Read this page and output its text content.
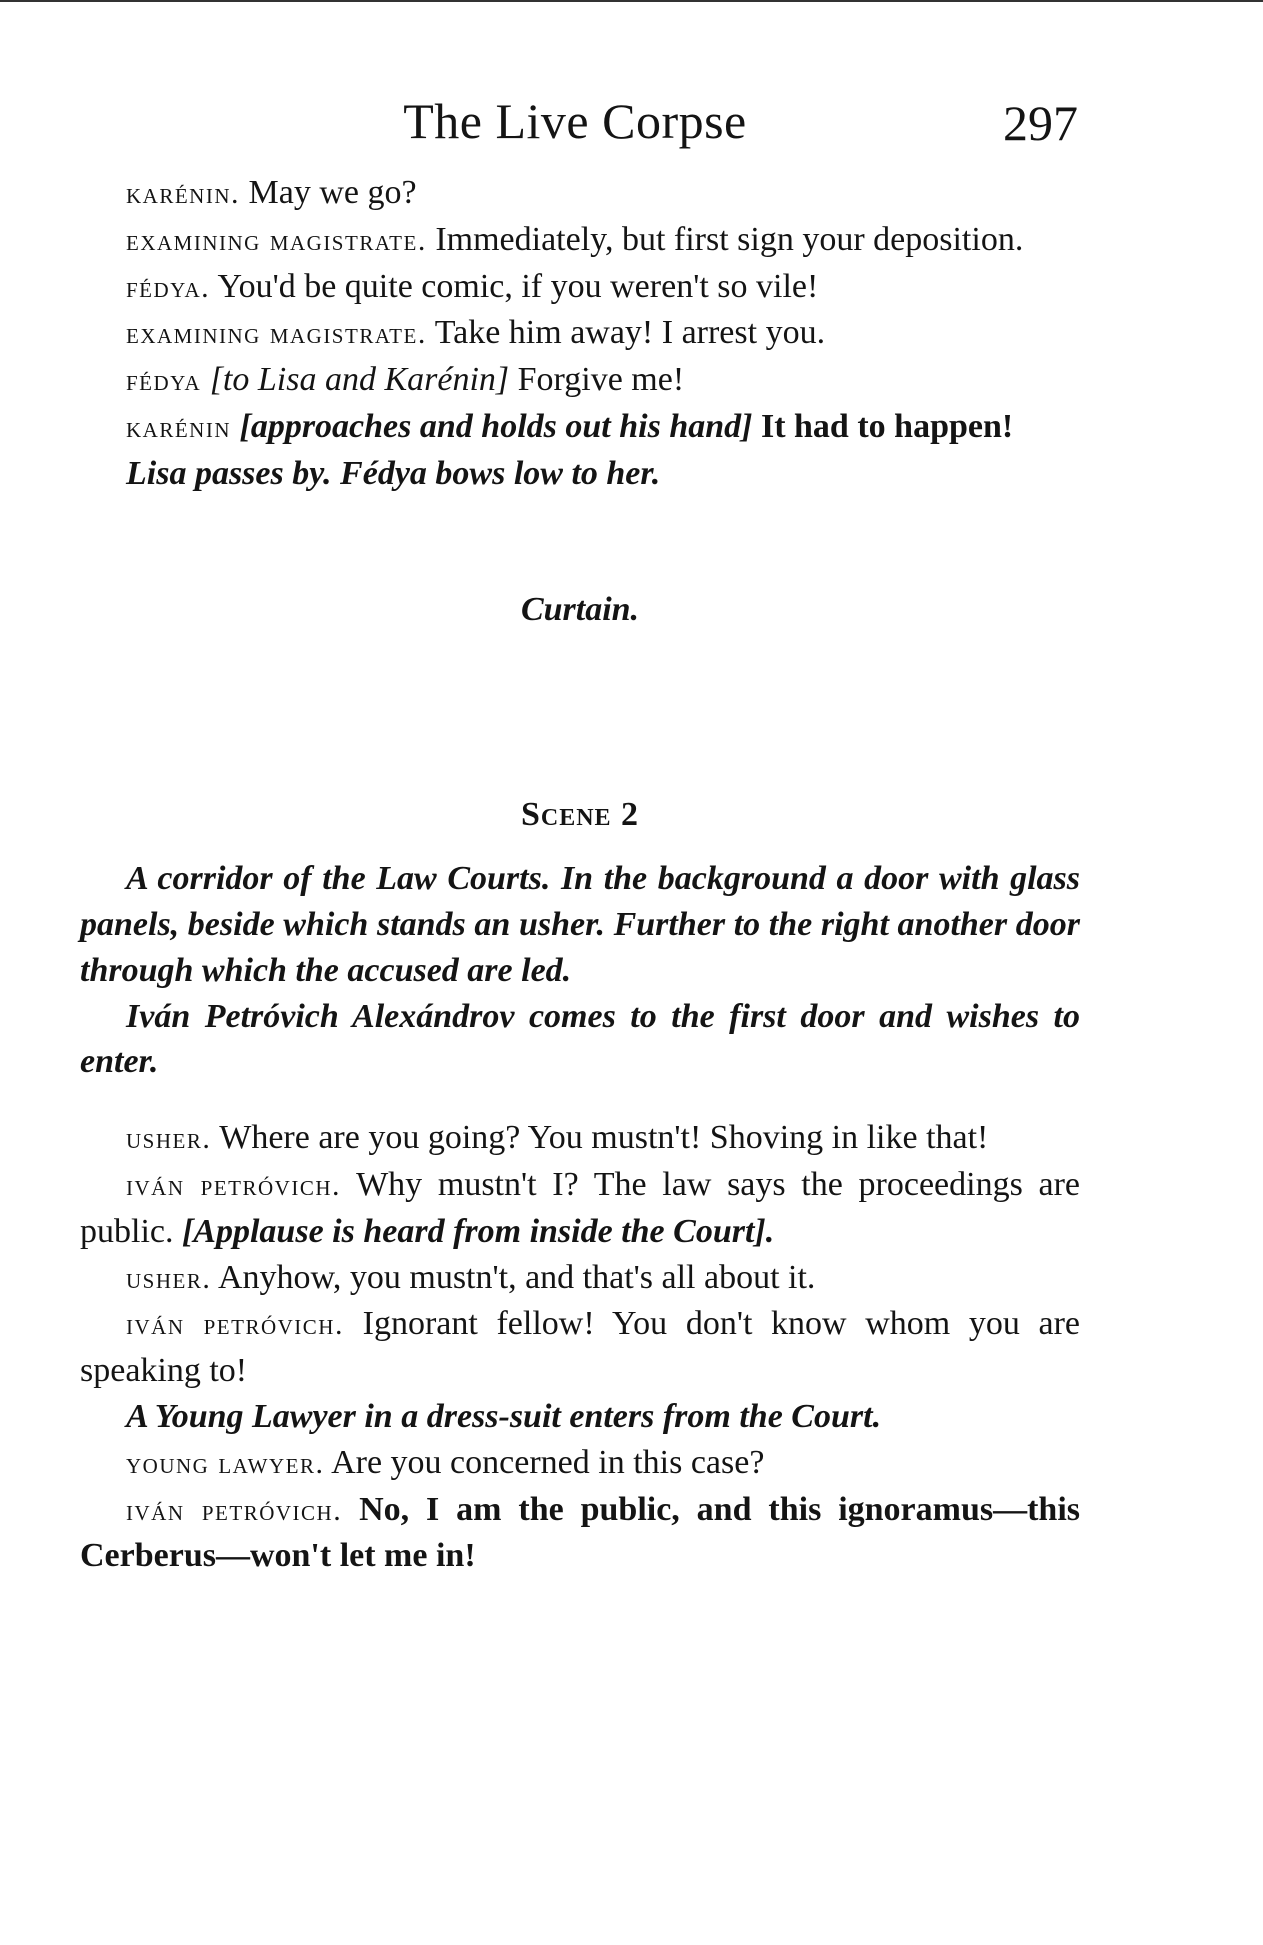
The Live Corpse	297

karénin. May we go?

examining magistrate. Immediately, but first sign your deposition.

fédya. You'd be quite comic, if you weren't so vile!

examining magistrate. Take him away! I arrest you.

fédya [to Lisa and Karénin] Forgive me!

karénin [approaches and holds out his hand] It had to happen!

Lisa passes by. Fédya bows low to her.

Curtain.

Scene 2

A corridor of the Law Courts. In the background a door with glass panels, beside which stands an usher. Further to the right another door through which the accused are led.

Iván Petróvich Alexándrov comes to the first door and wishes to enter.

usher. Where are you going? You mustn't! Shoving in like that!

iván petróvich. Why mustn't I? The law says the proceedings are public. [Applause is heard from inside the Court].

usher. Anyhow, you mustn't, and that's all about it.

iván petróvich. Ignorant fellow! You don't know whom you are speaking to!

A Young Lawyer in a dress-suit enters from the Court.

young lawyer. Are you concerned in this case?

iván petróvich. No, I am the public, and this ignoramus—this Cerberus—won't let me in!
